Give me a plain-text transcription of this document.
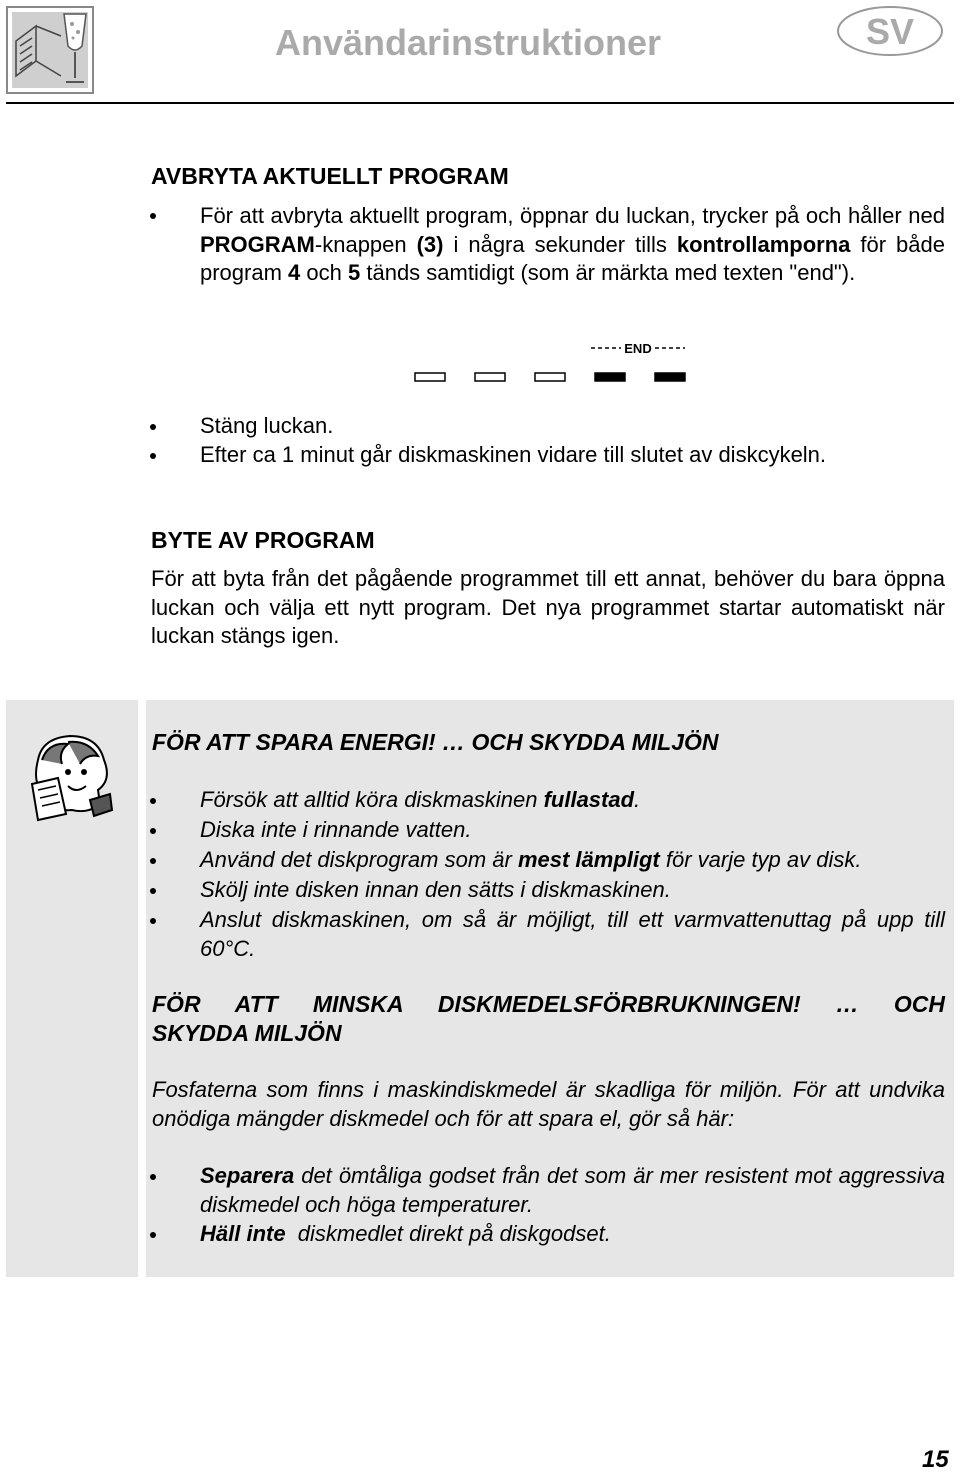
Användarinstruktioner	SV
AVBRYTA AKTUELLT PROGRAM
För att avbryta aktuellt program, öppnar du luckan, trycker på och håller ned PROGRAM-knappen (3) i några sekunder tills kontrollamporna för både program 4 och 5 tänds samtidigt (som är märkta med texten "end").
END
Stäng luckan.
Efter ca 1 minut går diskmaskinen vidare till slutet av diskcykeln.
BYTE AV PROGRAM
För att byta från det pågående programmet till ett annat, behöver du bara öppna luckan och välja ett nytt program. Det nya programmet startar automatiskt när luckan stängs igen.
FÖR ATT SPARA ENERGI! … OCH SKYDDA MILJÖN
Försök att alltid köra diskmaskinen fullastad.
Diska inte i rinnande vatten.
Använd det diskprogram som är mest lämpligt för varje typ av disk.
Skölj inte disken innan den sätts i diskmaskinen.
Anslut diskmaskinen, om så är möjligt, till ett varmvattenuttag på upp till 60°C.
FÖR ATT MINSKA DISKMEDELSFÖRBRUKNINGEN! … OCH
SKYDDA MILJÖN
Fosfaterna som finns i maskindiskmedel är skadliga för miljön. För att undvika onödiga mängder diskmedel och för att spara el, gör så här:
Separera det ömtåliga godset från det som är mer resistent mot aggressiva diskmedel och höga temperaturer.
Häll inte  diskmedlet direkt på diskgodset.
15
